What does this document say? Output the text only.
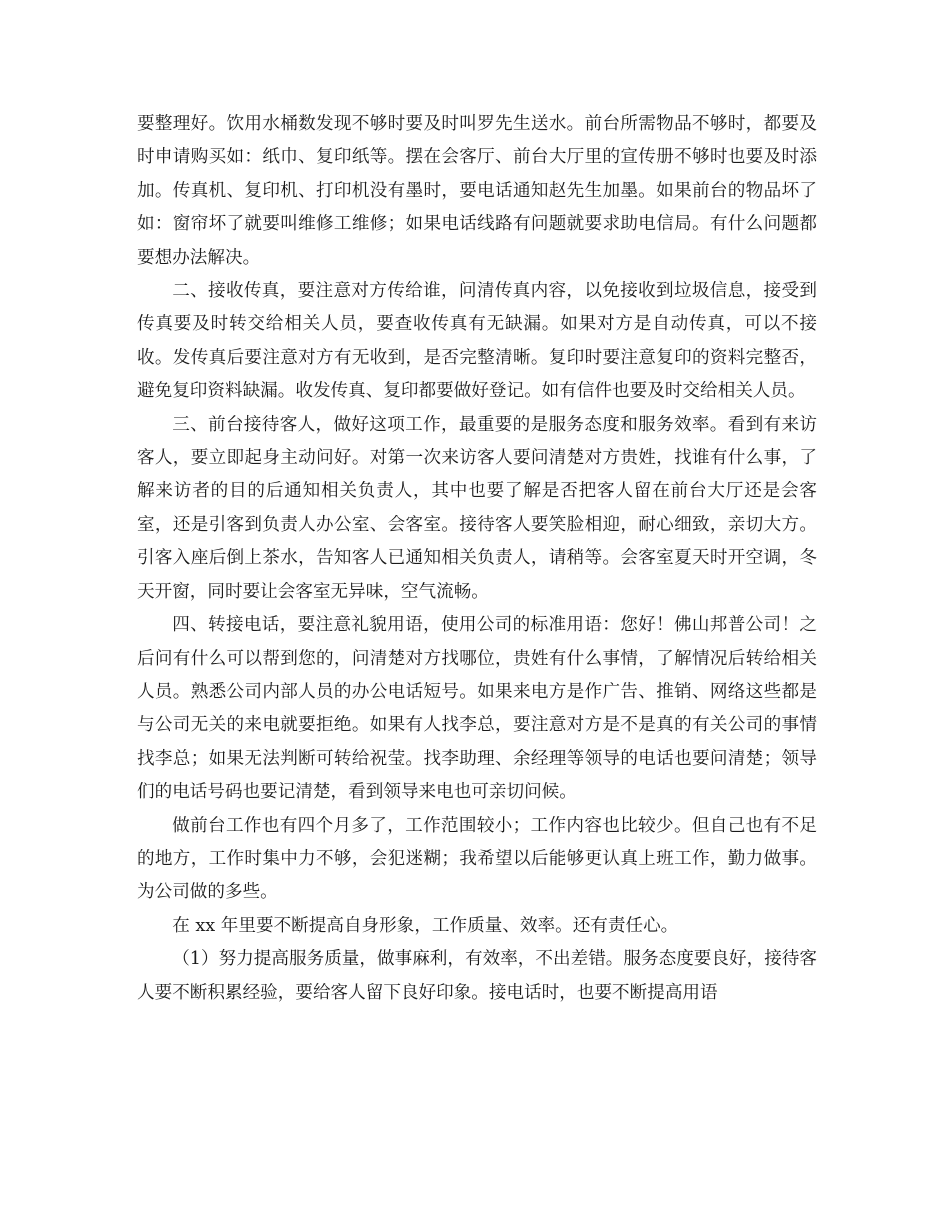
要整理好。饮用水桶数发现不够时要及时叫罗先生送水。前台所需物品不够时，都要及时申请购买如：纸巾、复印纸等。摆在会客厅、前台大厅里的宣传册不够时也要及时添加。传真机、复印机、打印机没有墨时，要电话通知赵先生加墨。如果前台的物品坏了如：窗帘坏了就要叫维修工维修；如果电话线路有问题就要求助电信局。有什么问题都要想办法解决。

二、接收传真，要注意对方传给谁，问清传真内容，以免接收到垃圾信息，接受到传真要及时转交给相关人员，要查收传真有无缺漏。如果对方是自动传真，可以不接收。发传真后要注意对方有无收到，是否完整清晰。复印时要注意复印的资料完整否，避免复印资料缺漏。收发传真、复印都要做好登记。如有信件也要及时交给相关人员。

三、前台接待客人，做好这项工作，最重要的是服务态度和服务效率。看到有来访客人，要立即起身主动问好。对第一次来访客人要问清楚对方贵姓，找谁有什么事，了解来访者的目的后通知相关负责人，其中也要了解是否把客人留在前台大厅还是会客室，还是引客到负责人办公室、会客室。接待客人要笑脸相迎，耐心细致，亲切大方。引客入座后倒上茶水，告知客人已通知相关负责人，请稍等。会客室夏天时开空调，冬天开窗，同时要让会客室无异味，空气流畅。

四、转接电话，要注意礼貌用语，使用公司的标准用语：您好！佛山邦普公司！之后问有什么可以帮到您的，问清楚对方找哪位，贵姓有什么事情，了解情况后转给相关人员。熟悉公司内部人员的办公电话短号。如果来电方是作广告、推销、网络这些都是与公司无关的来电就要拒绝。如果有人找李总，要注意对方是不是真的有关公司的事情找李总；如果无法判断可转给祝莹。找李助理、余经理等领导的电话也要问清楚；领导们的电话号码也要记清楚，看到领导来电也可亲切问候。

做前台工作也有四个月多了，工作范围较小；工作内容也比较少。但自己也有不足的地方，工作时集中力不够，会犯迷糊；我希望以后能够更认真上班工作，勤力做事。为公司做的多些。

在 xx 年里要不断提高自身形象，工作质量、效率。还有责任心。

（1）努力提高服务质量，做事麻利，有效率，不出差错。服务态度要良好，接待客人要不断积累经验，要给客人留下良好印象。接电话时，也要不断提高用语
